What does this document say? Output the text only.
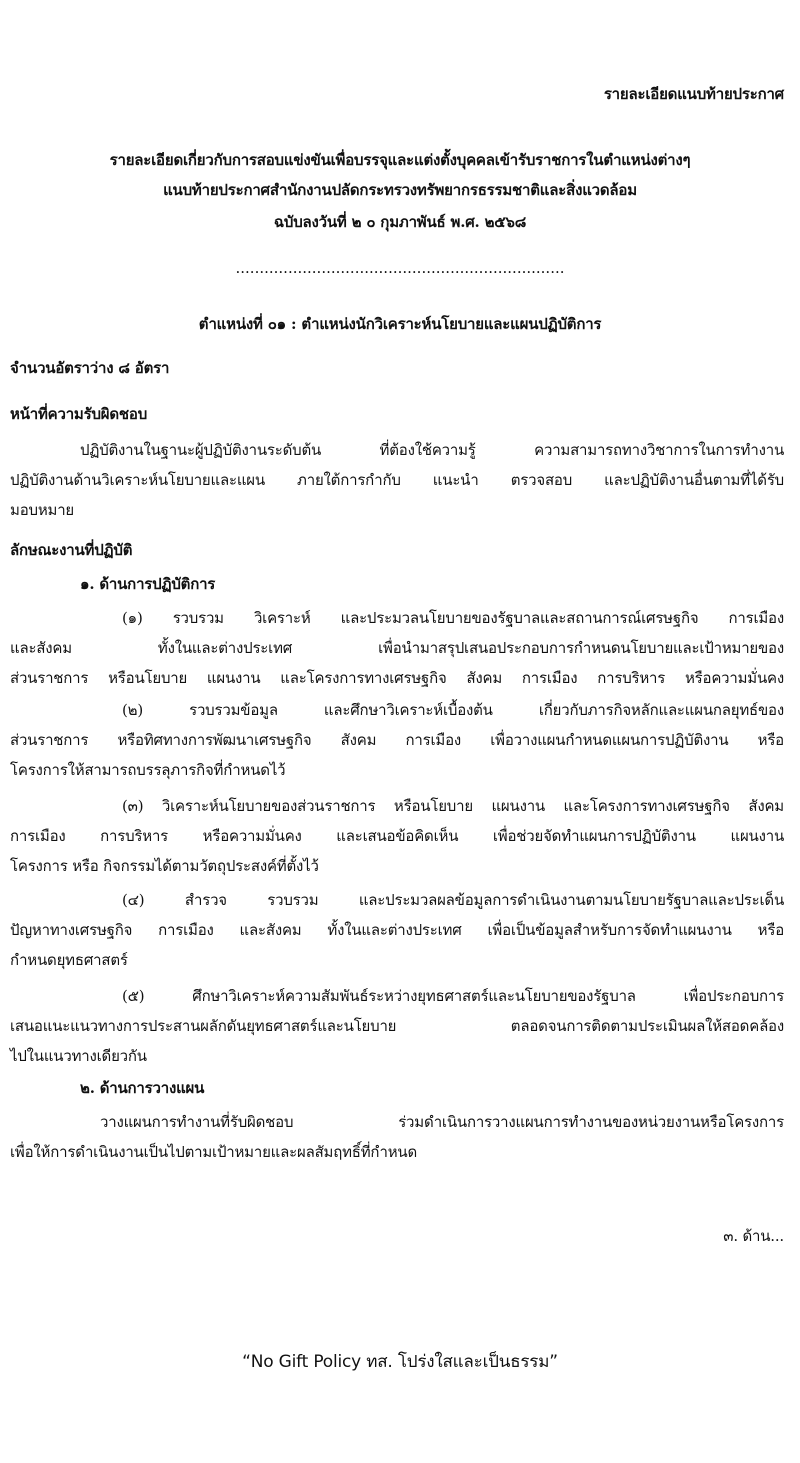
รายละเอียดแนบท้ายประกาศ
รายละเอียดเกี่ยวกับการสอบแข่งขันเพื่อบรรจุและแต่งตั้งบุคคลเข้ารับราชการในตำแหน่งต่างๆ
แนบท้ายประกาศสำนักงานปลัดกระทรวงทรัพยากรธรรมชาติและสิ่งแวดล้อม
ฉบับลงวันที่ ๒ ๐ กุมภาพันธ์ พ.ศ. ๒๕๖๘
.....................................................................
ตำแหน่งที่ ๐๑ : ตำแหน่งนักวิเคราะห์นโยบายและแผนปฏิบัติการ
จำนวนอัตราว่าง ๘ อัตรา
หน้าที่ความรับผิดชอบ
ปฏิบัติงานในฐานะผู้ปฏิบัติงานระดับต้น ที่ต้องใช้ความรู้ ความสามารถทางวิชาการในการทำงาน
ปฏิบัติงานด้านวิเคราะห์นโยบายและแผน ภายใต้การกำกับ แนะนำ ตรวจสอบ และปฏิบัติงานอื่นตามที่ได้รับ
มอบหมาย
ลักษณะงานที่ปฏิบัติ
๑. ด้านการปฏิบัติการ
(๑) รวบรวม วิเคราะห์ และประมวลนโยบายของรัฐบาลและสถานการณ์เศรษฐกิจ การเมือง
และสังคม ทั้งในและต่างประเทศ เพื่อนำมาสรุปเสนอประกอบการกำหนดนโยบายและเป้าหมายของ
ส่วนราชการ หรือนโยบาย แผนงาน และโครงการทางเศรษฐกิจ สังคม การเมือง การบริหาร หรือความมั่นคง
(๒) รวบรวมข้อมูล และศึกษาวิเคราะห์เบื้องต้น เกี่ยวกับภารกิจหลักและแผนกลยุทธ์ของ
ส่วนราชการ หรือทิศทางการพัฒนาเศรษฐกิจ สังคม การเมือง เพื่อวางแผนกำหนดแผนการปฏิบัติงาน หรือ
โครงการให้สามารถบรรลุภารกิจที่กำหนดไว้
(๓) วิเคราะห์นโยบายของส่วนราชการ หรือนโยบาย แผนงาน และโครงการทางเศรษฐกิจ สังคม
การเมือง การบริหาร หรือความมั่นคง และเสนอข้อคิดเห็น เพื่อช่วยจัดทำแผนการปฏิบัติงาน แผนงาน
โครงการ หรือ กิจกรรมได้ตามวัตถุประสงค์ที่ตั้งไว้
(๔) สำรวจ รวบรวม และประมวลผลข้อมูลการดำเนินงานตามนโยบายรัฐบาลและประเด็น
ปัญหาทางเศรษฐกิจ การเมือง และสังคม ทั้งในและต่างประเทศ เพื่อเป็นข้อมูลสำหรับการจัดทำแผนงาน หรือ
กำหนดยุทธศาสตร์
(๕) ศึกษาวิเคราะห์ความสัมพันธ์ระหว่างยุทธศาสตร์และนโยบายของรัฐบาล เพื่อประกอบการ
เสนอแนะแนวทางการประสานผลักดันยุทธศาสตร์และนโยบาย ตลอดจนการติดตามประเมินผลให้สอดคล้อง
ไปในแนวทางเดียวกัน
๒. ด้านการวางแผน
วางแผนการทำงานที่รับผิดชอบ ร่วมดำเนินการวางแผนการทำงานของหน่วยงานหรือโครงการ
เพื่อให้การดำเนินงานเป็นไปตามเป้าหมายและผลสัมฤทธิ์ที่กำหนด
๓. ด้าน...
“No Gift Policy ทส. โปร่งใสและเป็นธรรม”
